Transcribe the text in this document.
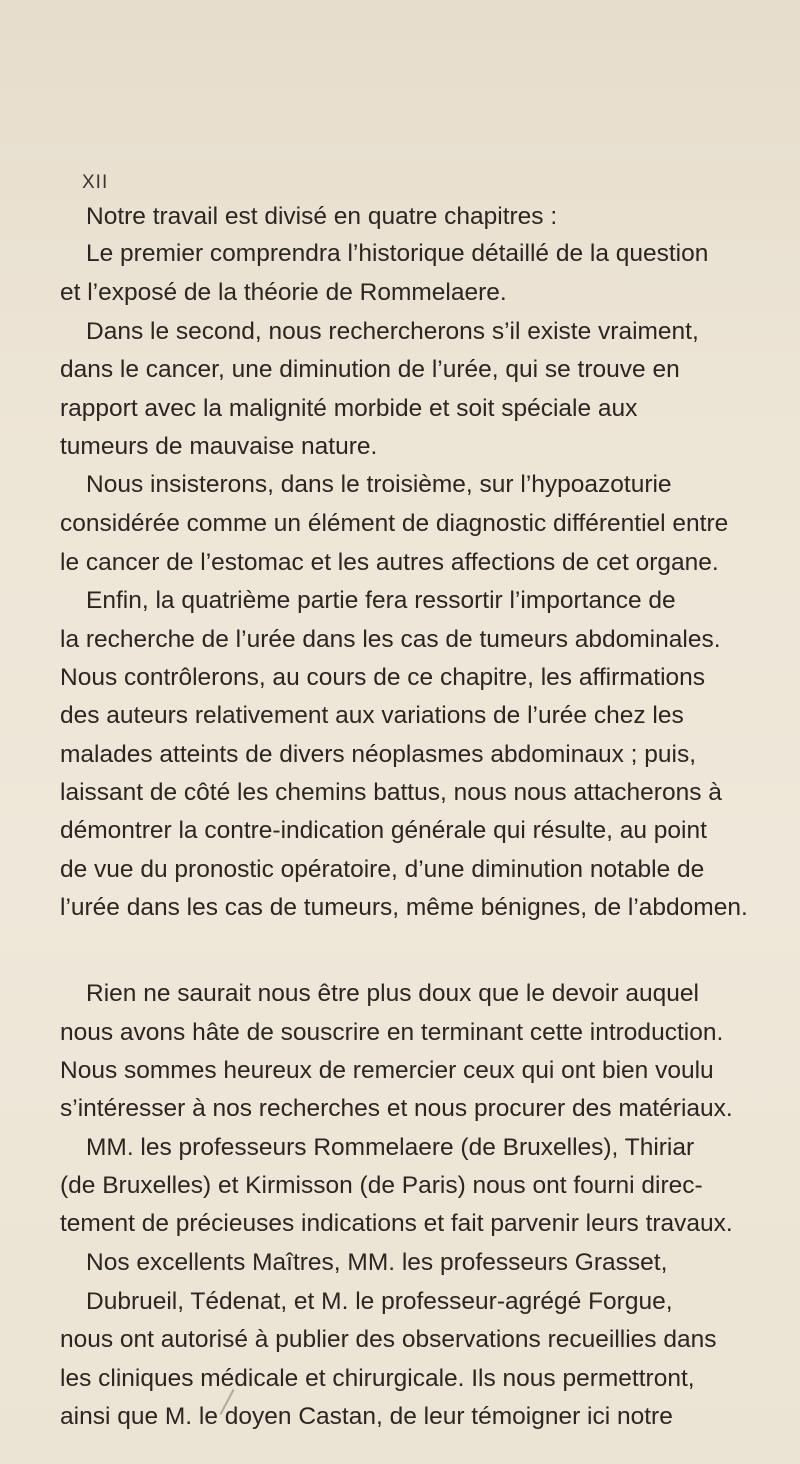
XII
Notre travail est divisé en quatre chapitres :
Le premier comprendra l’historique détaillé de la question
et l’exposé de la théorie de Rommelaere.
Dans le second, nous rechercherons s’il existe vraiment,
dans le cancer, une diminution de l’urée, qui se trouve en
rapport avec la malignité morbide et soit spéciale aux
tumeurs de mauvaise nature.
Nous insisterons, dans le troisième, sur l’hypoazoturie
considérée comme un élément de diagnostic différentiel entre
le cancer de l’estomac et les autres affections de cet organe.
Enfin, la quatrième partie fera ressortir l’importance de
la recherche de l’urée dans les cas de tumeurs abdominales.
Nous contrôlerons, au cours de ce chapitre, les affirmations
des auteurs relativement aux variations de l’urée chez les
malades atteints de divers néoplasmes abdominaux ; puis,
laissant de côté les chemins battus, nous nous attacherons à
démontrer la contre-indication générale qui résulte, au point
de vue du pronostic opératoire, d’une diminution notable de
l’urée dans les cas de tumeurs, même bénignes, de l’abdomen.
Rien ne saurait nous être plus doux que le devoir auquel
nous avons hâte de souscrire en terminant cette introduction.
Nous sommes heureux de remercier ceux qui ont bien voulu
s’intéresser à nos recherches et nous procurer des matériaux.
MM. les professeurs Rommelaere (de Bruxelles), Thiriar
(de Bruxelles) et Kirmisson (de Paris) nous ont fourni direc-
tement de précieuses indications et fait parvenir leurs travaux.
Nos excellents Maîtres, MM. les professeurs Grasset,
Dubrueil, Tédenat, et M. le professeur-agrégé Forgue,
nous ont autorisé à publier des observations recueillies dans
les cliniques médicale et chirurgicale. Ils nous permettront,
ainsi que M. le doyen Castan, de leur témoigner ici notre
